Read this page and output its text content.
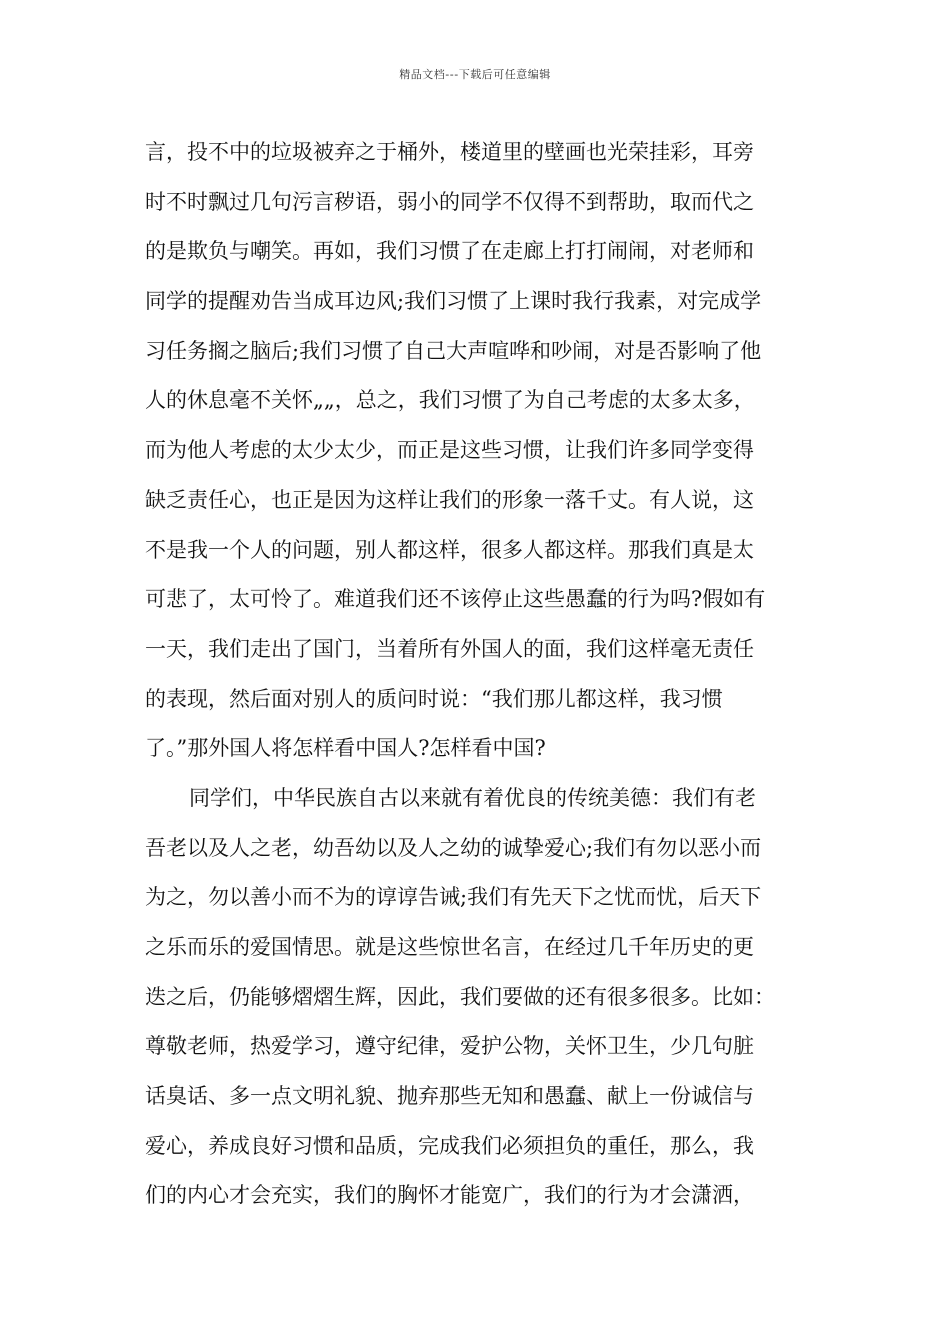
精品文档---下载后可任意编辑
言，投不中的垃圾被弃之于桶外，楼道里的壁画也光荣挂彩，耳旁
时不时飘过几句污言秽语，弱小的同学不仅得不到帮助，取而代之
的是欺负与嘲笑。再如，我们习惯了在走廊上打打闹闹，对老师和
同学的提醒劝告当成耳边风;我们习惯了上课时我行我素，对完成学
习任务搁之脑后;我们习惯了自己大声喧哗和吵闹，对是否影响了他
人的休息毫不关怀„„，总之，我们习惯了为自己考虑的太多太多，
而为他人考虑的太少太少，而正是这些习惯，让我们许多同学变得
缺乏责任心，也正是因为这样让我们的形象一落千丈。有人说，这
不是我一个人的问题，别人都这样，很多人都这样。那我们真是太
可悲了，太可怜了。难道我们还不该停止这些愚蠢的行为吗?假如有
一天，我们走出了国门，当着所有外国人的面，我们这样毫无责任
的表现，然后面对别人的质问时说：“我们那儿都这样，我习惯
了。”那外国人将怎样看中国人?怎样看中国?
同学们，中华民族自古以来就有着优良的传统美德：我们有老
吾老以及人之老，幼吾幼以及人之幼的诚挚爱心;我们有勿以恶小而
为之，勿以善小而不为的谆谆告诫;我们有先天下之忧而忧，后天下
之乐而乐的爱国情思。就是这些惊世名言，在经过几千年历史的更
迭之后，仍能够熠熠生辉，因此，我们要做的还有很多很多。比如：
尊敬老师，热爱学习，遵守纪律，爱护公物，关怀卫生，少几句脏
话臭话、多一点文明礼貌、抛弃那些无知和愚蠢、献上一份诚信与
爱心，养成良好习惯和品质，完成我们必须担负的重任，那么，我
们的内心才会充实，我们的胸怀才能宽广，我们的行为才会潇洒，
